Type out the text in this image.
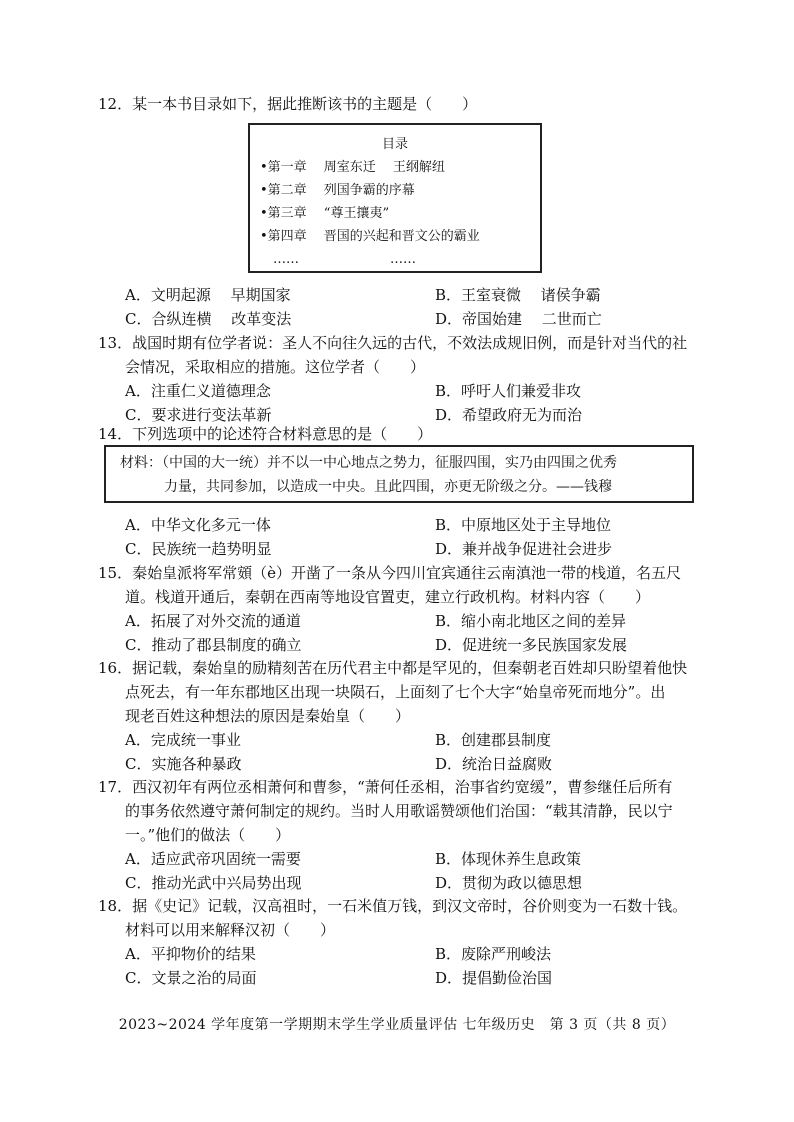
12．某一本书目录如下，据此推断该书的主题是（　　）

目录
•第一章　 周室东迁　 王纲解纽
•第二章　 列国争霸的序幕
•第三章　 “尊王攘夷”
•第四章　 晋国的兴起和晋文公的霸业
　……　　　　　　　……
A．文明起源　 早期国家	B．王室衰微　 诸侯争霸
C．合纵连横　 改革变法	D．帝国始建　 二世而亡

13．战国时期有位学者说：圣人不向往久远的古代，不效法成规旧例，而是针对当代的社

会情况，采取相应的措施。这位学者（　　）

A．注重仁义道德理念	B．呼吁人们兼爱非攻
C．要求进行变法革新	D．希望政府无为而治

14．下列选项中的论述符合材料意思的是（　　）

材料：（中国的大一统）并不以一中心地点之势力，征服四围，实乃由四围之优秀
力量，共同参加，以造成一中央。且此四围，亦更无阶级之分。——钱穆
A．中华文化多元一体	B．中原地区处于主导地位
C．民族统一趋势明显	D．兼并战争促进社会进步

15．秦始皇派将军常頞（è）开凿了一条从今四川宜宾通往云南滇池一带的栈道，名五尺

道。栈道开通后，秦朝在西南等地设官置吏，建立行政机构。材料内容（　　）

A．拓展了对外交流的通道	B．缩小南北地区之间的差异
C．推动了郡县制度的确立	D．促进统一多民族国家发展

16．据记载，秦始皇的励精刻苦在历代君主中都是罕见的，但秦朝老百姓却只盼望着他快

点死去，有一年东郡地区出现一块陨石，上面刻了七个大字“始皇帝死而地分”。出

现老百姓这种想法的原因是秦始皇（　　）

A．完成统一事业	B．创建郡县制度
C．实施各种暴政	D．统治日益腐败

17．西汉初年有两位丞相萧何和曹参，“萧何任丞相，治事省约宽缓”，曹参继任后所有

的事务依然遵守萧何制定的规约。当时人用歌谣赞颂他们治国：“载其清静，民以宁

一。”他们的做法（　　）

A．适应武帝巩固统一需要	B．体现休养生息政策
C．推动光武中兴局势出现	D．贯彻为政以德思想

18．据《史记》记载，汉高祖时，一石米值万钱，到汉文帝时，谷价则变为一石数十钱。

材料可以用来解释汉初（　　）

A．平抑物价的结果	B．废除严刑峻法
C．文景之治的局面	D．提倡勤俭治国
2023~2024 学年度第一学期期末学生学业质量评估 七年级历史　第 3 页（共 8 页）
